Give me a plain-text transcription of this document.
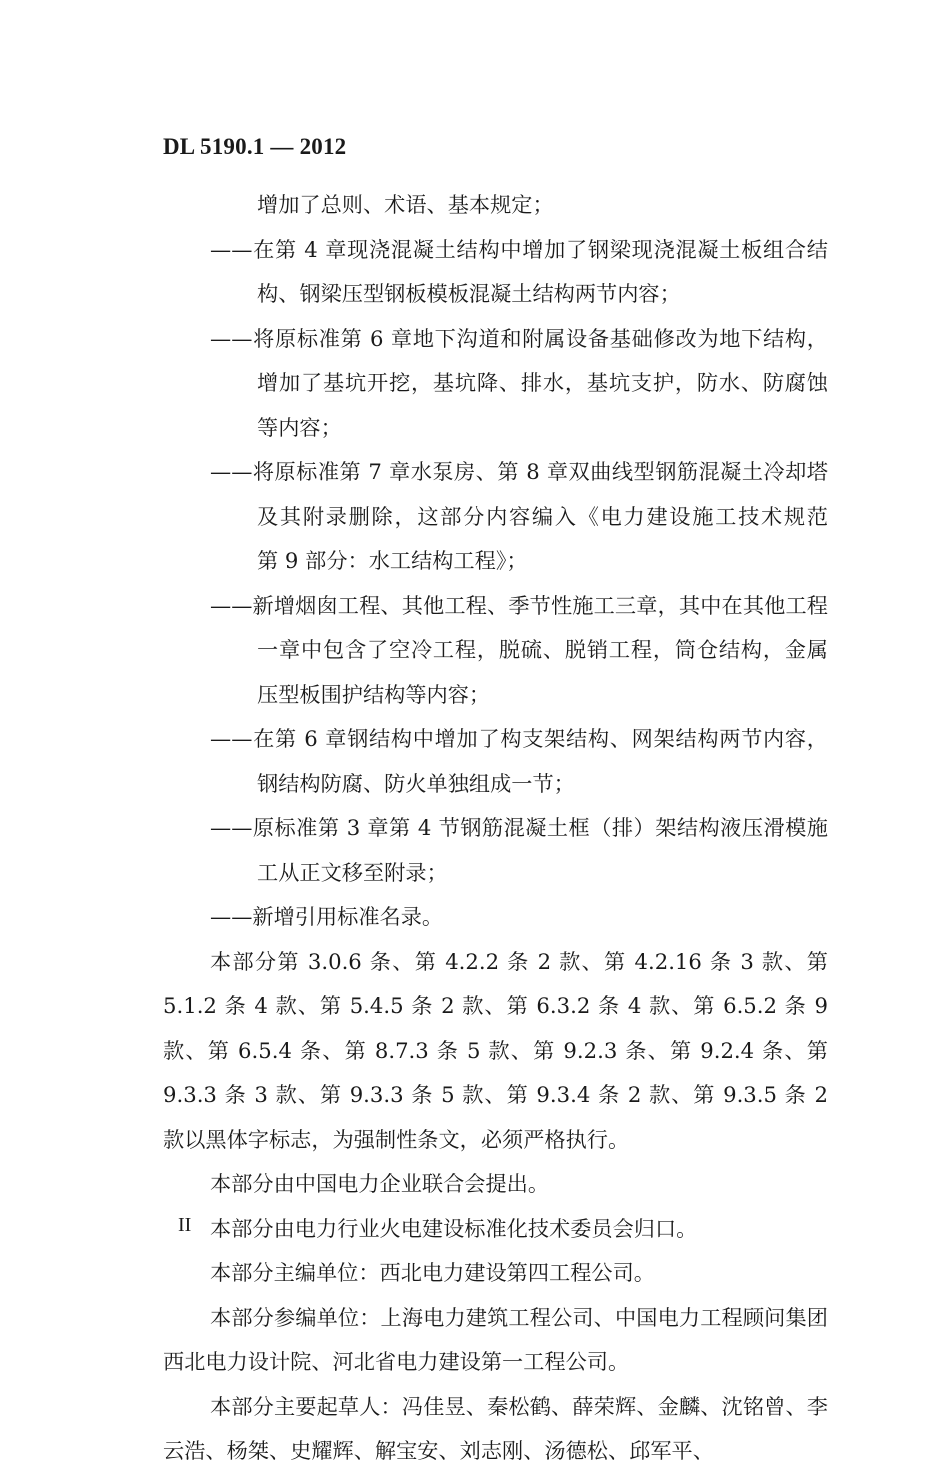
DL 5190.1 — 2012

增加了总则、术语、基本规定；

——在第 4 章现浇混凝土结构中增加了钢梁现浇混凝土板组合结构、钢梁压型钢板模板混凝土结构两节内容；

——将原标准第 6 章地下沟道和附属设备基础修改为地下结构，增加了基坑开挖，基坑降、排水，基坑支护，防水、防腐蚀等内容；

——将原标准第 7 章水泵房、第 8 章双曲线型钢筋混凝土冷却塔及其附录删除，这部分内容编入《电力建设施工技术规范　第 9 部分：水工结构工程》；

——新增烟囱工程、其他工程、季节性施工三章，其中在其他工程一章中包含了空冷工程，脱硫、脱销工程，筒仓结构，金属压型板围护结构等内容；

——在第 6 章钢结构中增加了构支架结构、网架结构两节内容，钢结构防腐、防火单独组成一节；

——原标准第 3 章第 4 节钢筋混凝土框（排）架结构液压滑模施工从正文移至附录；

——新增引用标准名录。

本部分第 3.0.6 条、第 4.2.2 条 2 款、第 4.2.16 条 3 款、第 5.1.2 条 4 款、第 5.4.5 条 2 款、第 6.3.2 条 4 款、第 6.5.2 条 9 款、第 6.5.4 条、第 8.7.3 条 5 款、第 9.2.3 条、第 9.2.4 条、第 9.3.3 条 3 款、第 9.3.3 条 5 款、第 9.3.4 条 2 款、第 9.3.5 条 2 款以黑体字标志，为强制性条文，必须严格执行。

本部分由中国电力企业联合会提出。

本部分由电力行业火电建设标准化技术委员会归口。

本部分主编单位：西北电力建设第四工程公司。

本部分参编单位：上海电力建筑工程公司、中国电力工程顾问集团西北电力设计院、河北省电力建设第一工程公司。

本部分主要起草人：冯佳昱、秦松鹤、薛荣辉、金麟、沈铭曾、李云浩、杨桀、史耀辉、解宝安、刘志刚、汤德松、邱军平、

II
